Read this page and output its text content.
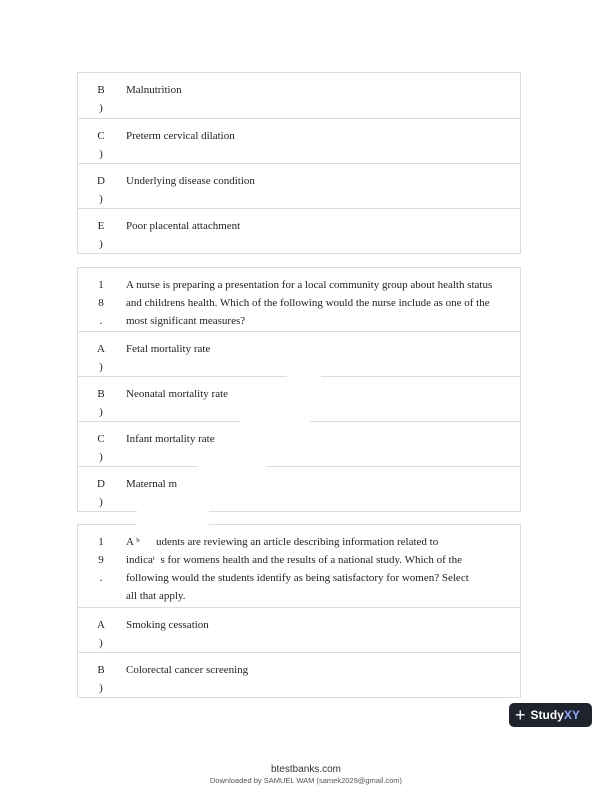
B
)
Malnutrition
C
)
Preterm cervical dilation
D
)
Underlying disease condition
E
)
Poor placental attachment
1
8
.
A nurse is preparing a presentation for a local community group about health status and childrens health. Which of the following would the nurse include as one of the most significant measures?
A
)
Fetal mortality rate
B
)
Neonatal mortality rate
C
)
Infant mortality rate
D
)
Maternal m
1
9
.
A ᵇ      udents are reviewing an article describing information related to
indicaᵗ  s for womens health and the results of a national study. Which of the
following would the students identify as being satisfactory for women? Select
all that apply.
A
)
Smoking cessation
B
)
Colorectal cancer screening
+ Study XY
btestbanks.com
Downloaded by SAMUEL WAM (samek2029@gmail.com)
